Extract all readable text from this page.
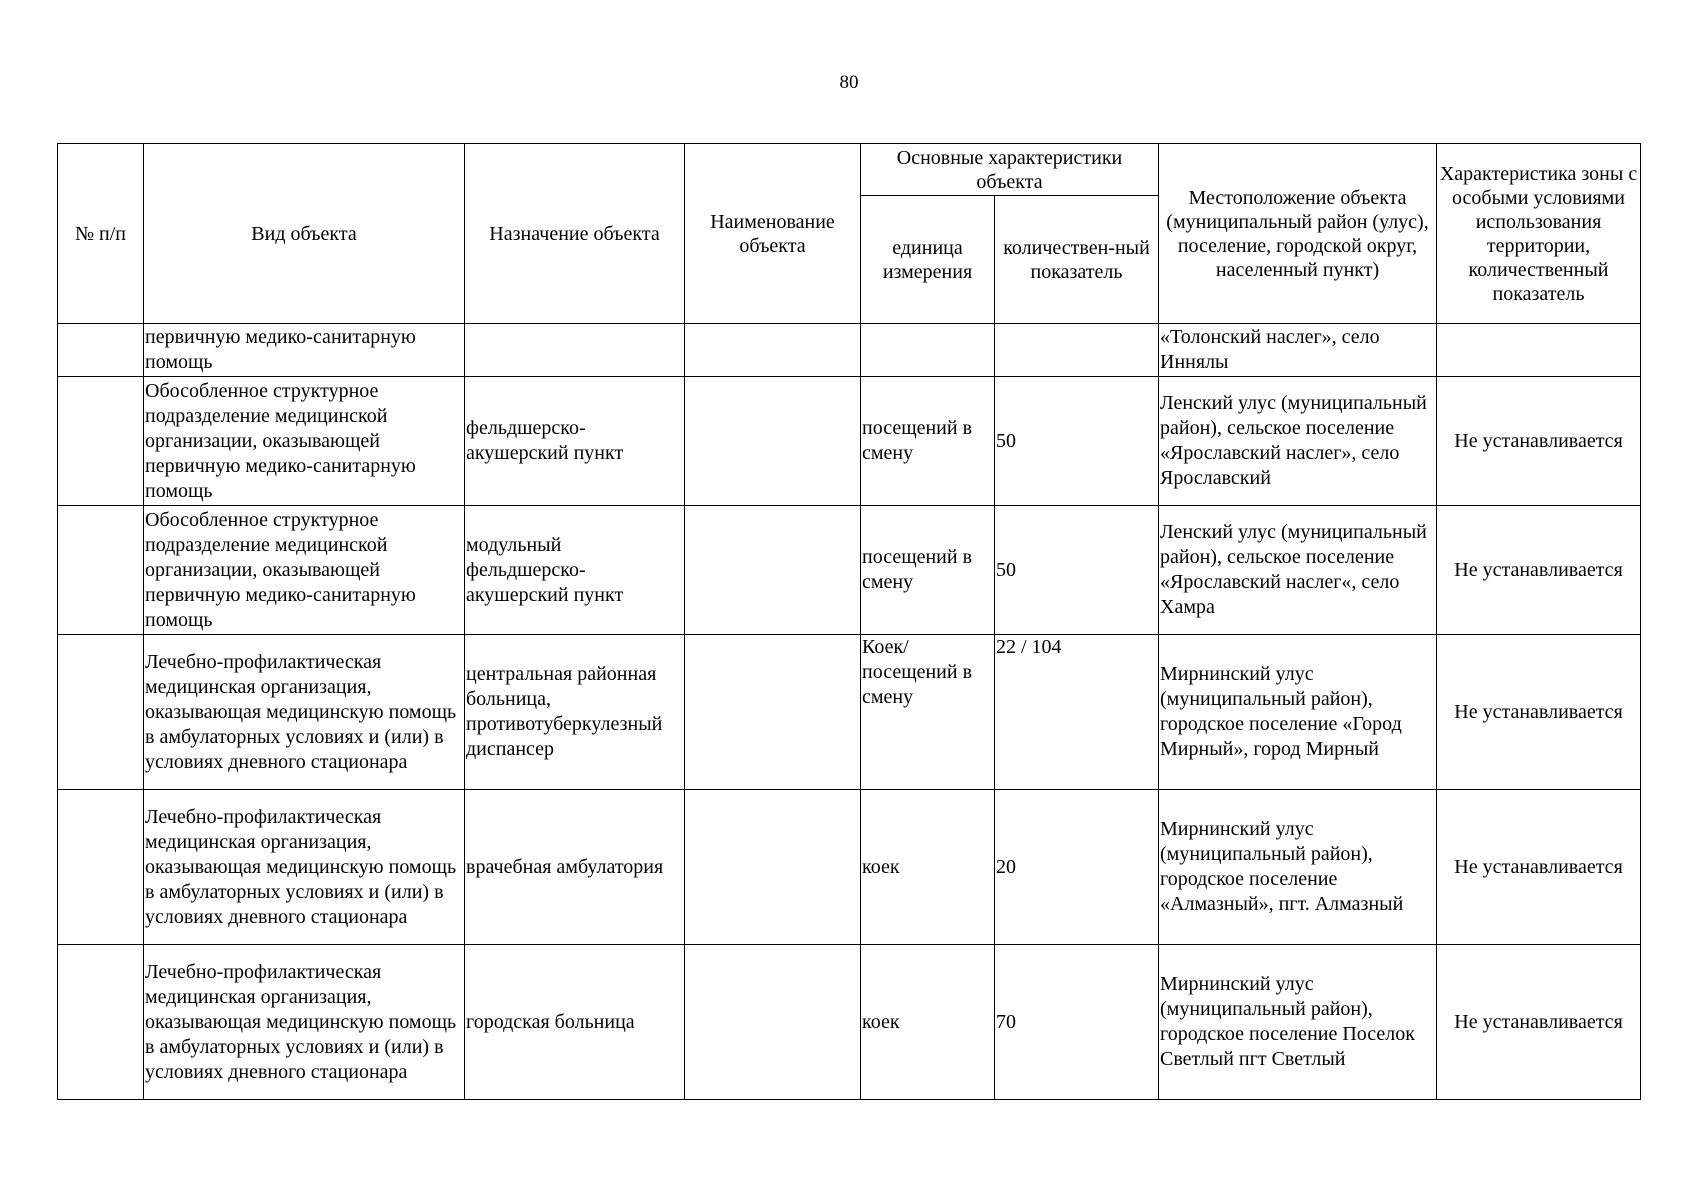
80
№ п/п	Вид объекта	Назначение объекта	Наименование объекта	Основные характеристики объекта		Местоположение объекта (муниципальный район (улус), поселение, городской округ, населенный пункт)	Характеристика зоны с особыми условиями использования территории, количественный показатель
				единица измерения	количествен-ный показатель		
	первичную медико-санитарную помощь					«Толонский наслег», село Иннялы	
	Обособленное структурное подразделение медицинской организации, оказывающей первичную медико-санитарную помощь	фельдшерско-акушерский пункт		посещений в смену	50	Ленский улус (муниципальный район), сельское поселение «Ярославский наслег», село Ярославский	Не устанавливается
	Обособленное структурное подразделение медицинской организации, оказывающей первичную медико-санитарную помощь	модульный фельдшерско-акушерский пункт		посещений в смену	50	Ленский улус (муниципальный район), сельское поселение «Ярославский наслег«, село Хамра	Не устанавливается
	Лечебно-профилактическая медицинская организация, оказывающая медицинскую помощь в амбулаторных условиях и (или) в условиях дневного стационара	центральная районная больница, противотуберкулезный диспансер		Коек/посещений в смену	22 / 104	Мирнинский улус (муниципальный район), городское поселение «Город Мирный», город Мирный	Не устанавливается
	Лечебно-профилактическая медицинская организация, оказывающая медицинскую помощь в амбулаторных условиях и (или) в условиях дневного стационара	врачебная амбулатория		коек	20	Мирнинский улус (муниципальный район), городское поселение «Алмазный», пгт. Алмазный	Не устанавливается
	Лечебно-профилактическая медицинская организация, оказывающая медицинскую помощь в амбулаторных условиях и (или) в условиях дневного стационара	городская больница		коек	70	Мирнинский улус (муниципальный район), городское поселение Поселок Светлый пгт Светлый	Не устанавливается
